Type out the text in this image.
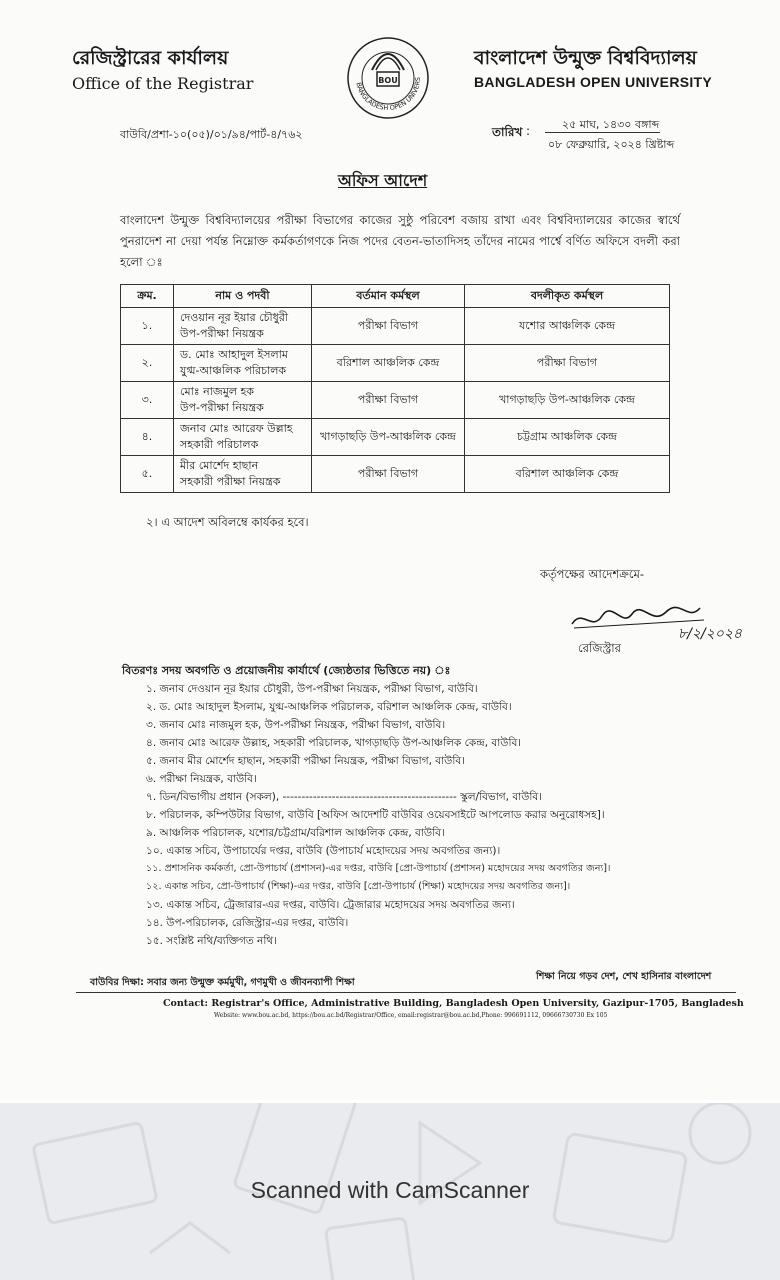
রেজিস্ট্রারের কার্যালয়
Office of the Registrar	BOU
BANGLADESH OPEN UNIVERS
বাংলাদেশ উন্মুক্ত বিশ্ববিদ্যালয়
BANGLADESH OPEN UNIVERSITY
বাউবি/প্রশা-১০(০৫)/০১/৯৪/পার্ট-৪/৭৬২	তারিখ :	২৫ মাঘ, ১৪৩০ বঙ্গাব্দ
০৮ ফেব্রুয়ারি, ২০২৪ খ্রিষ্টাব্দ
অফিস আদেশ
বাংলাদেশ উন্মুক্ত বিশ্ববিদ্যালয়ের পরীক্ষা বিভাগের কাজের সুষ্ঠু পরিবেশ বজায় রাখা এবং বিশ্ববিদ্যালয়ের কাজের স্বার্থে পুনরাদেশ না দেয়া পর্যন্ত নিম্নোক্ত কর্মকর্তাগণকে নিজ পদের বেতন-ভাতাদিসহ তাঁদের নামের পার্শ্বে বর্ণিত অফিসে বদলী করা হলো ঃ
ক্রম.	নাম ও পদবী	বর্তমান কর্মস্থল	বদলীকৃত কর্মস্থল
১.	দেওয়ান নূর ইয়ার চৌধুরী
উপ-পরীক্ষা নিয়ন্ত্রক	পরীক্ষা বিভাগ	যশোর আঞ্চলিক কেন্দ্র
২.	ড. মোঃ আহাদুল ইসলাম
যুগ্ম-আঞ্চলিক পরিচালক	বরিশাল আঞ্চলিক কেন্দ্র	পরীক্ষা বিভাগ
৩.	মোঃ নাজমুল হক
উপ-পরীক্ষা নিয়ন্ত্রক	পরীক্ষা বিভাগ	খাগড়াছড়ি উপ-আঞ্চলিক কেন্দ্র
৪.	জনাব মোঃ আরেফ উল্লাহ
সহকারী পরিচালক	খাগড়াছড়ি উপ-আঞ্চলিক কেন্দ্র	চট্টগ্রাম আঞ্চলিক কেন্দ্র
৫.	মীর মোর্শেদ হাছান
সহকারী পরীক্ষা নিয়ন্ত্রক	পরীক্ষা বিভাগ	বরিশাল আঞ্চলিক কেন্দ্র
২। এ আদেশ অবিলম্বে কার্যকর হবে।
কর্তৃপক্ষের আদেশক্রমে-
৮/২/২০২৪
রেজিস্ট্রার
বিতরণঃ সদয় অবগতি ও প্রয়োজনীয় কার্যার্থে (জ্যেষ্ঠতার ভিত্তিতে নয়) ঃ
১. জনাব দেওয়ান নূর ইয়ার চৌধুরী, উপ-পরীক্ষা নিয়ন্ত্রক, পরীক্ষা বিভাগ, বাউবি।
২. ড. মোঃ আহাদুল ইসলাম, যুগ্ম-আঞ্চলিক পরিচালক, বরিশাল আঞ্চলিক কেন্দ্র, বাউবি।
৩. জনাব মোঃ নাজমুল হক, উপ-পরীক্ষা নিয়ন্ত্রক, পরীক্ষা বিভাগ, বাউবি।
৪. জনাব মোঃ আরেফ উল্লাহ, সহকারী পরিচালক, খাগড়াছড়ি উপ-আঞ্চলিক কেন্দ্র, বাউবি।
৫. জনাব মীর মোর্শেদ হাছান, সহকারী পরীক্ষা নিয়ন্ত্রক, পরীক্ষা বিভাগ, বাউবি।
৬. পরীক্ষা নিয়ন্ত্রক, বাউবি।
৭. ডিন/বিভাগীয় প্রধান (সকল), ---------------------------------------------- স্কুল/বিভাগ, বাউবি।
৮. পরিচালক, কম্পিউটার বিভাগ, বাউবি [অফিস আদেশটি বাউবির ওয়েবসাইটে আপলোড করার অনুরোধসহ]।
৯. আঞ্চলিক পরিচালক, যশোর/চট্টগ্রাম/বরিশাল আঞ্চলিক কেন্দ্র, বাউবি।
১০. একান্ত সচিব, উপাচার্যের দপ্তর, বাউবি (উপাচার্য মহোদয়ের সদয় অবগতির জন্য)।
১১. প্রশাসনিক কর্মকর্তা, প্রো-উপাচার্য (প্রশাসন)-এর দপ্তর, বাউবি [প্রো-উপাচার্য (প্রশাসন) মহোদয়ের সদয় অবগতির জন্য]।
১২. একান্ত সচিব, প্রো-উপাচার্য (শিক্ষা)-এর দপ্তর, বাউবি [প্রো-উপাচার্য (শিক্ষা) মহোদয়ের সদয় অবগতির জন্য]।
১৩. একান্ত সচিব, ট্রেজারার-এর দপ্তর, বাউবি। ট্রেজারার মহোদয়ের সদয় অবগতির জন্য।
১৪. উপ-পরিচালক, রেজিস্ট্রার-এর দপ্তর, বাউবি।
১৫. সংশ্লিষ্ট নথি/ব্যক্তিগত নথি।
বাউবির দিক্ষা: সবার জন্য উন্মুক্ত কর্মমুখী, গণমুখী ও জীবনব্যাপী শিক্ষা
শিক্ষা নিয়ে গড়ব দেশ, শেখ হাসিনার বাংলাদেশ
Contact: Registrar's Office, Administrative Building, Bangladesh Open University, Gazipur-1705, Bangladesh
Website: www.bou.ac.bd, https://bou.ac.bd/Registrar/Office, email:registrar@bou.ac.bd,Phone: 996691112, 09666730730 Ex 105
Scanned with CamScanner
